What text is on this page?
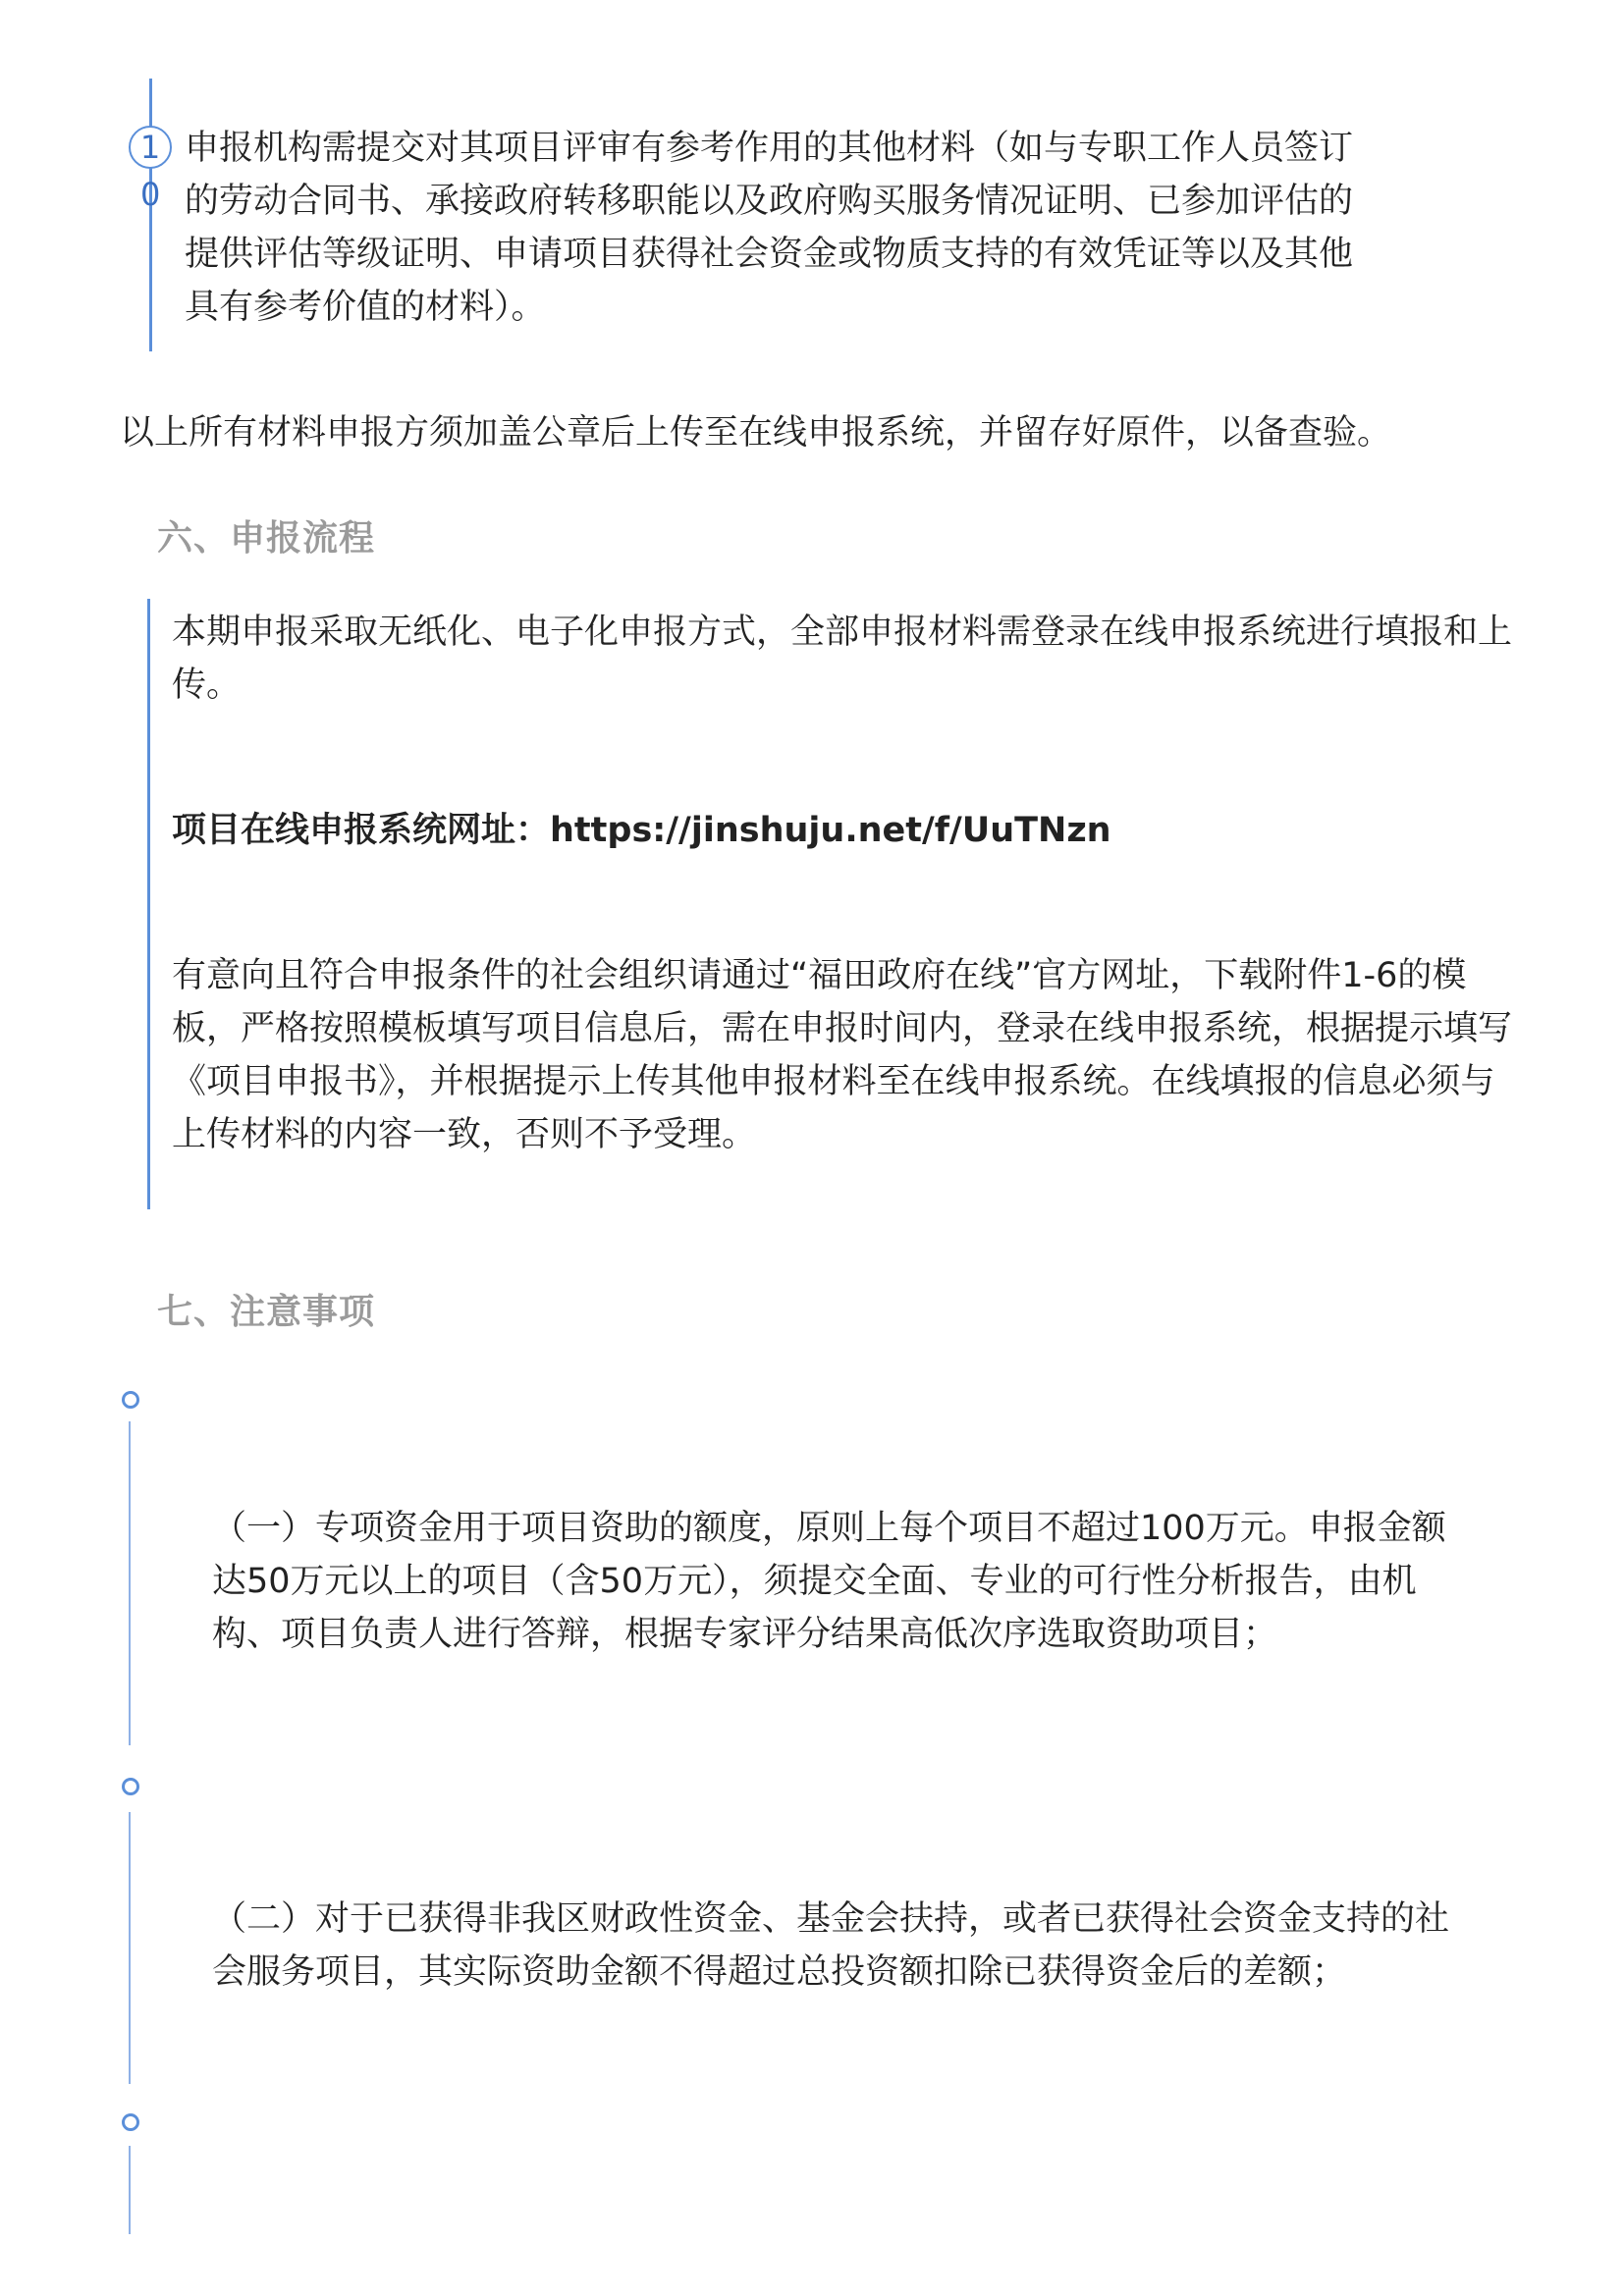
1
0

申报机构需提交对其项目评审有参考作用的其他材料（如与专职工作人员签订的劳动合同书、承接政府转移职能以及政府购买服务情况证明、已参加评估的提供评估等级证明、申请项目获得社会资金或物质支持的有效凭证等以及其他具有参考价值的材料）。

以上所有材料申报方须加盖公章后上传至在线申报系统，并留存好原件，以备查验。

六、申报流程

本期申报采取无纸化、电子化申报方式，全部申报材料需登录在线申报系统进行填报和上传。

项目在线申报系统网址：https://jinshuju.net/f/UuTNzn

有意向且符合申报条件的社会组织请通过“福田政府在线”官方网址，下载附件1-6的模板，严格按照模板填写项目信息后，需在申报时间内，登录在线申报系统，根据提示填写《项目申报书》，并根据提示上传其他申报材料至在线申报系统。在线填报的信息必须与上传材料的内容一致，否则不予受理。

七、注意事项

（一）专项资金用于项目资助的额度，原则上每个项目不超过100万元。申报金额达50万元以上的项目（含50万元），须提交全面、专业的可行性分析报告，由机构、项目负责人进行答辩，根据专家评分结果高低次序选取资助项目；

（二）对于已获得非我区财政性资金、基金会扶持，或者已获得社会资金支持的社会服务项目，其实际资助金额不得超过总投资额扣除已获得资金后的差额；
